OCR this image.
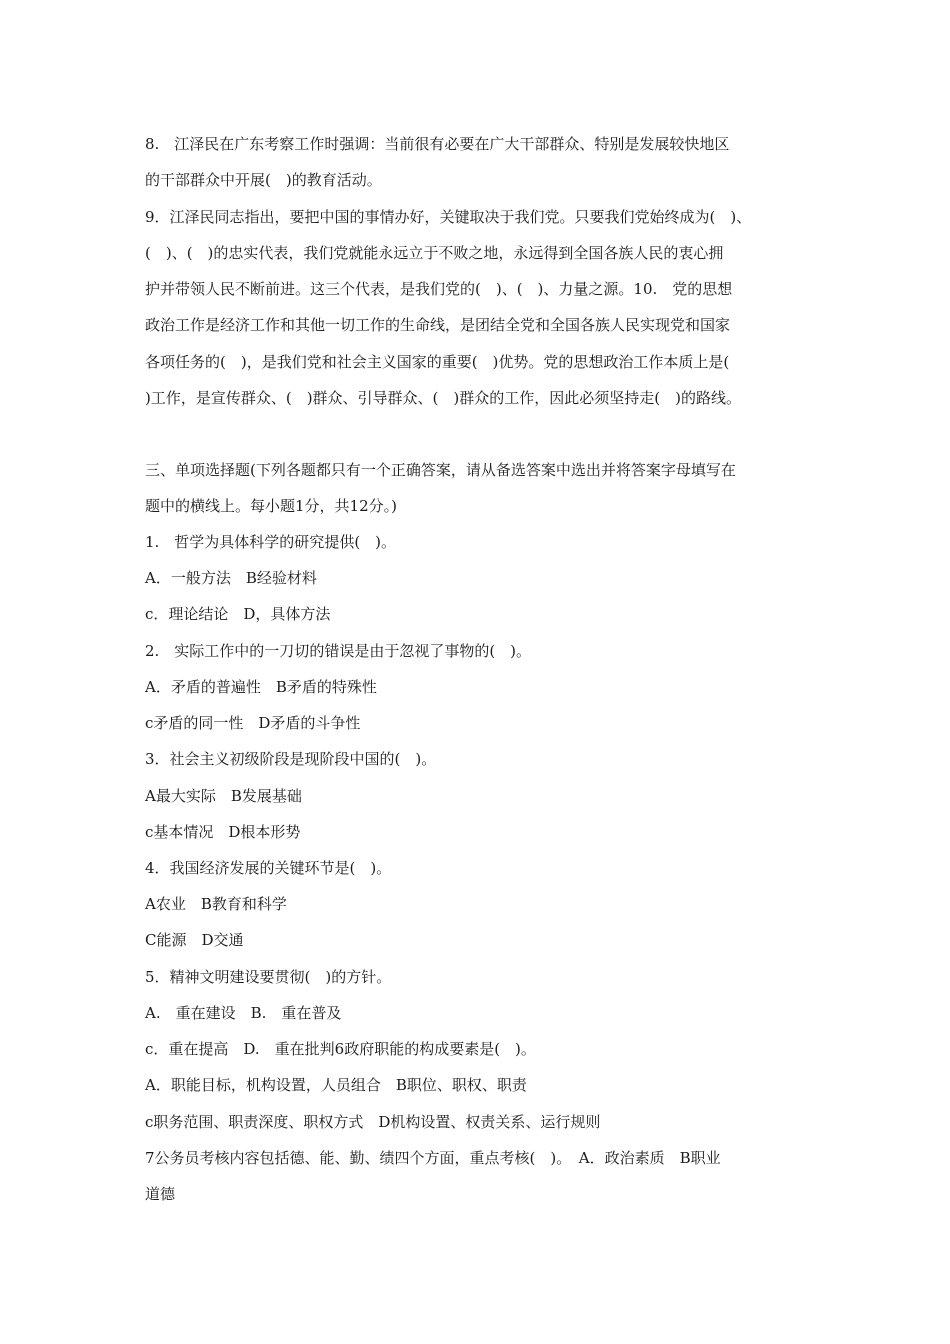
8.　江泽民在广东考察工作时强调：当前很有必要在广大干部群众、特别是发展较快地区
的干部群众中开展(　)的教育活动。
9．江泽民同志指出，要把中国的事情办好，关键取决于我们党。只要我们党始终成为(　)、
(　)、(　)的忠实代表，我们党就能永远立于不败之地，永远得到全国各族人民的衷心拥
护并带领人民不断前进。这三个代表，是我们党的(　)、(　)、力量之源。10.　党的思想
政治工作是经济工作和其他一切工作的生命线，是团结全党和全国各族人民实现党和国家
各项任务的(　)，是我们党和社会主义国家的重要(　)优势。党的思想政治工作本质上是(
)工作，是宣传群众、(　)群众、引导群众、(　)群众的工作，因此必须坚持走(　)的路线。
三、单项选择题(下列各题都只有一个正确答案，请从备选答案中选出并将答案字母填写在
题中的横线上。每小题1分，共12分。)
1.　哲学为具体科学的研究提供(　)。
A．一般方法　B经验材料
c．理论结论　D，具体方法
2.　实际工作中的一刀切的错误是由于忽视了事物的(　)。
A．矛盾的普遍性　B矛盾的特殊性
c矛盾的同一性　D矛盾的斗争性
3．社会主义初级阶段是现阶段中国的(　)。
A最大实际　B发展基础
c基本情况　D根本形势
4．我国经济发展的关键环节是(　)。
A农业　B教育和科学
C能源　D交通
5．精神文明建设要贯彻(　)的方针。
A.　重在建设　B.　重在普及
c．重在提高　D.　重在批判6政府职能的构成要素是(　)。
A．职能目标，机构设置，人员组合　B职位、职权、职责
c职务范围、职责深度、职权方式　D机构设置、权责关系、运行规则
7公务员考核内容包括德、能、勤、绩四个方面，重点考核(　)。　A．政治素质　B职业
道德
